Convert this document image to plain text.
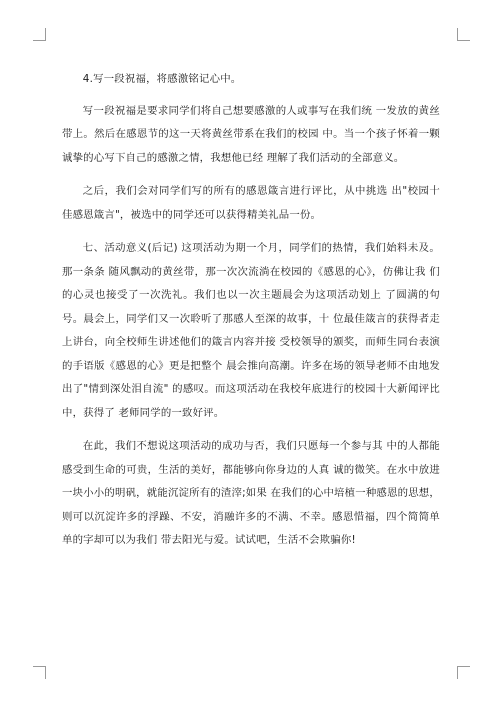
4.写一段祝福，将感激铭记心中。

写一段祝福是要求同学们将自己想要感激的人或事写在我们统 一发放的黄丝带上。然后在感恩节的这一天将黄丝带系在我们的校园 中。当一个孩子怀着一颗诚挚的心写下自己的感激之情，我想他已经 理解了我们活动的全部意义。

之后，我们会对同学们写的所有的感恩箴言进行评比，从中挑选 出"校园十佳感恩箴言"，被选中的同学还可以获得精美礼品一份。

七、活动意义(后记) 这项活动为期一个月，同学们的热情，我们始料未及。那一条条 随风飘动的黄丝带，那一次次流淌在校园的《感恩的心》，仿佛让我 们的心灵也接受了一次洗礼。我们也以一次主题晨会为这项活动划上 了圆满的句号。晨会上，同学们又一次聆听了那感人至深的故事，十 位最佳箴言的获得者走上讲台，向全校师生讲述他们的箴言内容并接 受校领导的颁奖，而师生同台表演的手语版《感恩的心》更是把整个 晨会推向高潮。许多在场的领导老师不由地发出了"情到深处泪自流" 的感叹。而这项活动在我校年底进行的校园十大新闻评比中，获得了 老师同学的一致好评。

在此，我们不想说这项活动的成功与否，我们只愿每一个参与其 中的人都能感受到生命的可贵，生活的美好，都能够向你身边的人真 诚的微笑。在水中放进一块小小的明矾，就能沉淀所有的渣滓;如果 在我们的心中培植一种感恩的思想，则可以沉淀许多的浮躁、不安，消融许多的不满、不幸。感恩惜福，四个简简单单的字却可以为我们 带去阳光与爱。试试吧，生活不会欺骗你!
